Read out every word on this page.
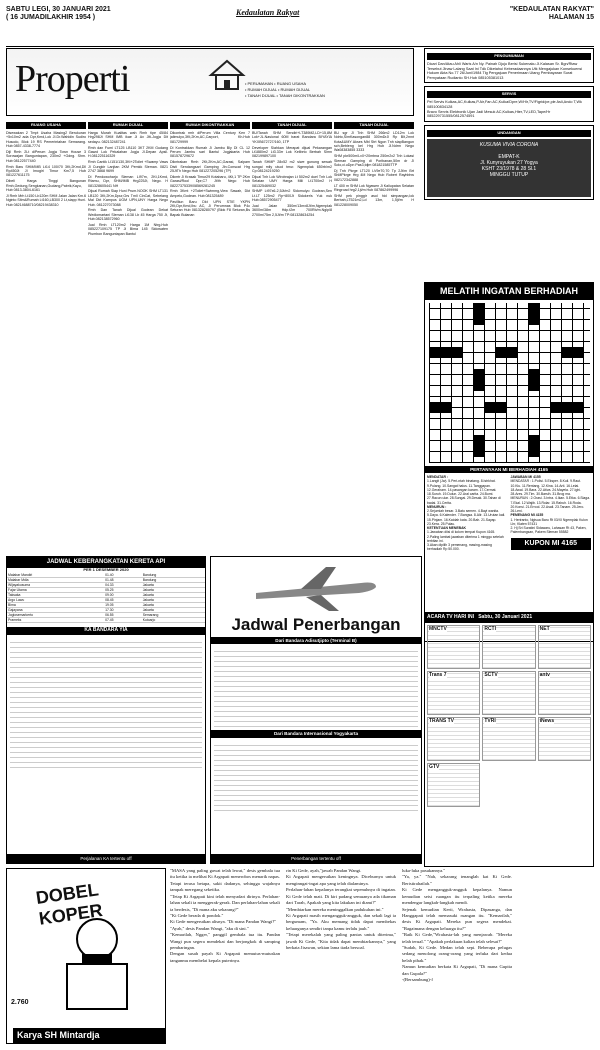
SABTU LEGI, 30 JANUARI 2021
( 16 JUMADILAKHIR 1954 )
Kedaulatan Rakyat	"KEDAULATAN RAKYAT"
HALAMAN 15
Properti	• PERUMAHAN • RUANG USAHA
• RUMAH DIJUAL • RUMAH DIJUAL
• TANAH DIJUAL • TANAH DIKONTRAKKAN
PENGUMUMAN
Dicari Dan/Atau Ahli Waris A/n Ny. Painah Djuju Berisi Sukenaku Jl.Kalasan Sr. Bgn/Rtaw Tersebut Jlnaw Lalang Saat Ini Tdk Diketahui Keberadaannya Utk Mengajukan Konsekuensi Hukum Akta No.77 26/Juni/1984 Tlg Pengajuan Penerimaan Utang Pembayaran Surat Pernyataan Rudianto SH.Hub 085105381013
SERVIS
Pel Servis Kulkas,AC,Kulkas,P.Air,Fan AC,Kulka/Dpre,W/Hlr,TV/Figrid/pe,ple Asli,Ando T,Wk 085100834128
Bravo Servis Elektronik Ujan Jadi Mesuk AC,Kulkas,Hter,TV,LED,Tape/Hr 085229731555/0812574591
UNDANGAN
KUSUMA VIVIA CORONA
EMPAT-K
Jl. Kunyruyukan 27 Yogya
KSHT 23/1978 & 28 Sl.1
MINGGU TUTUP
RUANG USAHA

Disewakan 2 Tmpt Usaha Masing2 Berukuran +5x10m2 ada Dpr,Kmd,Lok JI.Dr.Wahidin Sudiro Husodo, Blok 19 RS Pemerintahan Semarang. Hub 0857-4338-7774

Dijl Rmh 2Lt diPerum Jogja Town House 3 Sorowajan Banguntapan, 230m2 +Gdng. Shm. Hub 08122577440

Rmh Baru SHM/IMB Lt14 100/70 3Kt,2Kmd,Dll Rp450Jt JI Imogiri Timur Km7,5 Hub 081227611175

Dibeli Harga Tinggi Bangunan Rmh,Gedung,Sengkanan,Gudang,Pabrik,Kayu, Hub 0813-3804-6161

Jl Rmh Mrh Lt150 Lb120m SHM Jalan Jalan Km.6 Nginto Sltm&Rumah Lt160,LB300 2 Lt,siapp Huni. Hub 08214688710/08219438310

RUMAH DIJUAL

Harga Murah Kualitas wah Rmh tipe 45/84 Hrg298Jt SHM IMB ikae Ji Ax Jiti-Jogja Dit sedayu. 082132487241

Rmh dan Fumi LT125 LB110 3KT 2KM Gudang Gawol Lok Pekalahan Jogja JI.Depan Apsil. H.081225116329

Rmh Cantik LI151/130,3Kt+2Toilet +Swamp Vaws Jl Cungkir Lanjtan 2KM Pemkk Sleman. 0821 2747 3868 9699

Di Pendowoharjo Sleman LI97m, 2Kt,1Kmd, Rtamu, Dpr, SHM/IMB Hrg225Jt, Nego. H 081328605441 NH

Dijual Rumah Siap Huni Prum.NOOK SHM LT131 LB120 3Kt,2Km,Dpur,Grs Tmll CinCat, Sebelang Mal Dkt Kampus UGM UPN,UNY Harga Nego Hub. 081227073088

Rmh Dan Tanah Dijual Godean Dekat Wediomartani Sleman Lt138 Lb 45 Harga 750 Jt, Hub.082138572960

Jual Rmh LT120m2 Harga 1M Ntrg.Hub 085227109175 TP Ji Bima 145 Sidowaten Plumbon Banguntapan Bantul

RUMAH DIKONTRAKKAN

Dikontrak rmh diPerum Villa Century Ken 7 jalimulyo,3Kt,2Km,AC,Carport, Kh.Hub 081729999

Di Kontrakkan Rumah Ji Jambu Bly DI CL 12 Perum Jambu sari Bantul Jogjakarta Hub 081578729672

Dikntrakan Rmh 2Kt,2Km,AC,Garasi, Salpam Disti Sendangsari Gamping Jln.Conscat Hrg 25JtTh Nego Hub 081227205296 (TP)

Dikmtr Ji Krasak Timur29 Kotabaru, 4Kt,1 TP 2Km Garasi/Rool Dpr,C7 Jt/th Nego Hub 08227375339/08569281245

Rmh 3Kmt +2Toilet+Swimmg,View Sawah, Dkt Ampelo,Godean. Hub 081325489

Pavilliun Baru Dkt UPN STIE YKPN 2Kt,Dpr,Kmd,Ibu AC, Ji Perumnas Blok P4c Seturan Hub 081328280797 (Blok F8 Seturan,Bs Bapak Bulanan

TANAH DIJUAL

BU!Tanah SHM Sendiri+LT389M2,LD+15,8M Lok+JL.Nasional 60M barat Bandara BIYAYIA YKXB672727/160, 1TP

Developer Siahkan Merapat dijual Pekarangan Lt1880m2 Lt3.33rr Lok Kelibrto Berbah Slmn 082199897100

Tanah SHMP 28x52 m2 siwe gunung sewah sungai mily utuol tmur. Ngemplak 650rb/m2 Cp:08124219250

Dijual Tnh Lok Wirobrajan Lt 502m2 duel Tnh Lok Selatan UMY Harga Mili Lt1700m2 H 081325469032

SHMP Lt97x6-2,5Jt/m2 Sidomulyo Godean,Sen Lt.LT 125m2 Rp+800Jt Sidoker/s Yuk nuk Hub.08572905477

Jual Jalan 350m/13mx8Jt/m,Ngemplak 3600m/38m Hdp.t2m 700Rb/m.Ngip/8 2700m/75m 2,5Jt/m TP:081328634254

TANAH DIJUAL

BU sgr Jl Tnh SHM 266m2 LD12m Lok Ndrto,SimKasongan88 300mDrJl Rp Blt,2mnt Kota&UMY Akses Mbl Strt Ngon Tnh siapBangun sch,Bebleng kel Hrg Hub Jl.Ndrm Nego Wa08383855 3333

SHM pkr500m/Lv0+20mbna 250m2x2 Tnh Lokasi Sleman Gamping di Poribanan,50m dr Jl Solo,ci.uDpn Pas3,tdjm 081821585TTP

Dj Tnh Pkrge LT120 LV9e70,70 Tp 2Jt/m Brt ShMPkrge Hrg 4M Nego Hub Robert Rayhbhw 082172342888

LT 400 m SHM Lok Ngawen Ji Kaliupatan Selatan Ringroad hrg2,1jt/m Hub 087862499996

SHM pek pinggir asol hid simpangan,lok Berbah,LT521m2,Ld 13m, 1,5jt/m H 081228009050

MELATIH INGATAN BERHADIAH
PERTANYAAN MI BERHADIAH 4165
MENDATAR :
1.Langit (Jw). 5.Peri-ntah binatang. 8.Istrkhat. 9.Pulang. 10.Sangat halus. 11.Tanggapan. 12.Geraham. 14.pasangan karam. 17.Cermat. 18.Suruh. 19.Dulun. 22.Aral carita. 24.Bumi. 27.Racun ular. 28.Sungai. 29.Desak. 30.Tahan di badai. 31.Cerita.
MENURUN :
2.Sejumlah besar. 3.Batu semen. 4.Bayi wanita. 5.Daya. 6.Kalender. 7.Bangsa. 8.Alir. 13.Urutan kali. 15.Pinjam. 16.Kaidah kata. 20.Bah. 21.Sayap. 23.Kera. 25.Pulau.
KETENTUAN MENEBAK
1.Jawaban diisi di kolom tempat Kupon 4165.
2.Paling lambat jawaban diterima 1 minggu setelah terbitan ini.
3.Akan dipilih 3 pemenang, masing-masing berhadiah Rp 50.000.
JAWABAN MI 4155
MENDATAR : 1.Polisi. 5.Eksper. 8.Kuli. 9.Raut. 10.Kiu. 11.Rentang. 12.Kina. 14.Arti. 16.Lelai. 18.Awal. 19.Bara. 22.Ativa. 24.Mayela. 27.Ighi. 28.Ares. 29.Tim. 30.Barsih. 31.Brog ma.
MENURUN : 2.Orasi. 3.Intra. 4.Ikan. 5.Etka. 6.Siaga. 7.Ekal. 12.Wajib. 13.Rolar. 15.Rabuh. 16.Roda. 20.Konsi. 21.Errool. 22.Asali. 23.Tanam. 25.Jero. 26.Leni.
PEMENANG MI 4155
1. Heriranto, Ngisua Baru Rt 03/XI Ngemplak Kulon Lhr, Klaten 57431
2. Hj Sri Suratini Sidawaru, Lahasan Rt 43, Paken, Palembangsan, Pakem Sleman 55582
KUPON MI 4165
JADWAL KEBERANGKATAN KERETA API
PER 1 DESEMBER 2020
Malabar Mandiri	01.40	Bandung
Malabar Mdla	01.48	Bandung
Wijayakusuma	04.33	Jakarta
Fajar Utama	05.25	Jakarta
Taksaka	09.00	Jakarta
Argo Lawu	08.45	Jakarta
Bima	19.05	Jakarta
Gajayana	17.30	Jakarta
Joglosemarkerto	06.55	Semarang
Prameks	07.45	Kutoarjo
KA BANDARA YIA
Perjalanan KA tertentu off
Jadwal Penerbangan
Dari Bandara Adisutjipto (Terminal B)
Dari Bandara Internasional Yogyakarta
Penerbangan tertentu off
ACARA TV HARI INI Sabtu, 30 Januari 2021
MNCTV	RCTI	NET
Trans 7	SCTV	antv
TRANS TV	TVRI	iNews
GTV
DOBEL KOPER
2.760
Karya SH Mintardja
"MASA yang paling gawat telah lewat," desis gembala tua itu ketika ia melihat Ki Argapati menerobos menarik napas. Tetapi terasa betapa, sakit dadanya, sehingga wajahnya tampak meregang seketika.
"Tetap Ki Argapati kini telah menyadari dirinya. Perlahan-lahan sekali ia menggerak-gerak. Dan perlahan-lahan sekali ia berdesis, "Di mana aku sekarang?"
"Ki Gede berada di pondok."
Ki Gede mengerutkan alisnya. "Di mana Pandan Wangi?"
"Ayah," desis Pandan Wangi, "aku di sini."
"Kemarilah, Ngger," panggil gembala tua itu. Pandan Wangi pun segera mendekat dan berjongkok di samping pembaringan.
Dengan susah payah Ki Argapati memutus-mutuskan tanganmu membelai kepala puterinya.
rin Ki Gede, ayah,"jawab Pandan Wangi.
Ki Argapati mengerutkan keningnya. Diceburnya untuk menginngat-ingat apa yang telah dialaminya.
Perlahan-lahan kepalanya terangkat sepenuhnya di ingatan. Ki Gede telah mati. Di kiri padang semuanya ada tikaman dari Tarah, Apakah yang kita lakukan ini diami?"
"Membiarkan mereka meninggalkan padukuhan ini."
Ki Argapati masih mengangguk-angguk, dan sekali lagi ia bergumam, "Ya. Aku memang tidak dapat membekas keluarganya sendiri tanpa kamu terlalu jauh."
"Tetapi merekalah yang paling pantas untuk diterima," jawab Ki Gede, "Kita tidak dapat membiarkannya," yang berkata Jisawan, sekian lama tiada bersoal.
luka-luka pasukannya."
"Ya, ya." "Nah, sekarang tenanglah kat Ki Gede. Beristirahatlah."
Ki Gede mengangguk-angguk kepalanya. Namun kemudian seisi ruangan itu terpaling ketika mereka mendengar langkah-langkah mendi.
Sejenak kemudian Kerti, Wrahasta, Dipasanga, dan Hanggapati telah memasuki ruangan itu. "Kemarilah," desis Ki Argapati. Mereka pun segera mendekat. "Bagaimana dengan keluarga itu?"
"Baik Ki Gede,"Wrahasta-lah yang menjawab. "Mereka telah teruaI." "Apakah perlakuan kalian telah selesai?"
"Sudah, Ki Gede. Medan telah sepi. Beberapa pelugas sedang menolong orang-orang yang terluka dari kedua belah pihak."
Namun kemudian berkata Ki Argapati, "Di mana Gupita dan Gupala?"
-(Bersambung)-f
